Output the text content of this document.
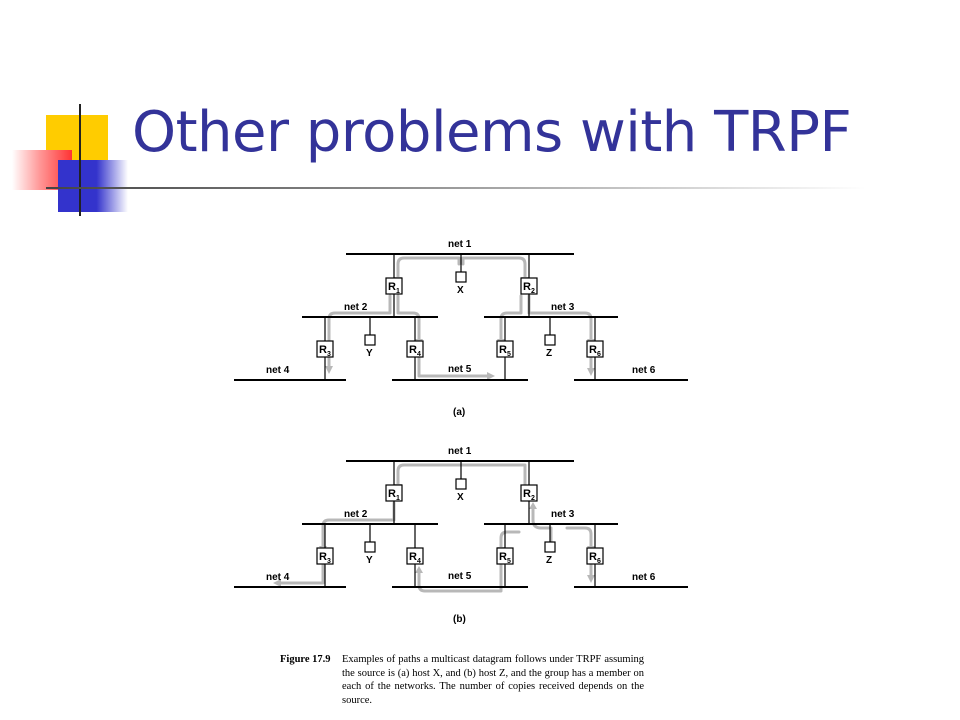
Other problems with TRPF
net 1
net 2	net 3
net 4	net 5	net 6
$R_1$	$R_2$
$R_3$	$R_4$	$R_5$	$R_6$
X
Y	Z
(a)
net 1
net 2	net 3
net 4	net 5	net 6
$R_1$	$R_2$
$R_3$	$R_4$	$R_5$	$R_6$
X
Y	Z
(b)
Figure 17.9 Examples of paths a multicast datagram follows under TRPF assuming the source is (a) host X, and (b) host Z, and the group has a member on each of the networks. The number of copies received depends on the source.
